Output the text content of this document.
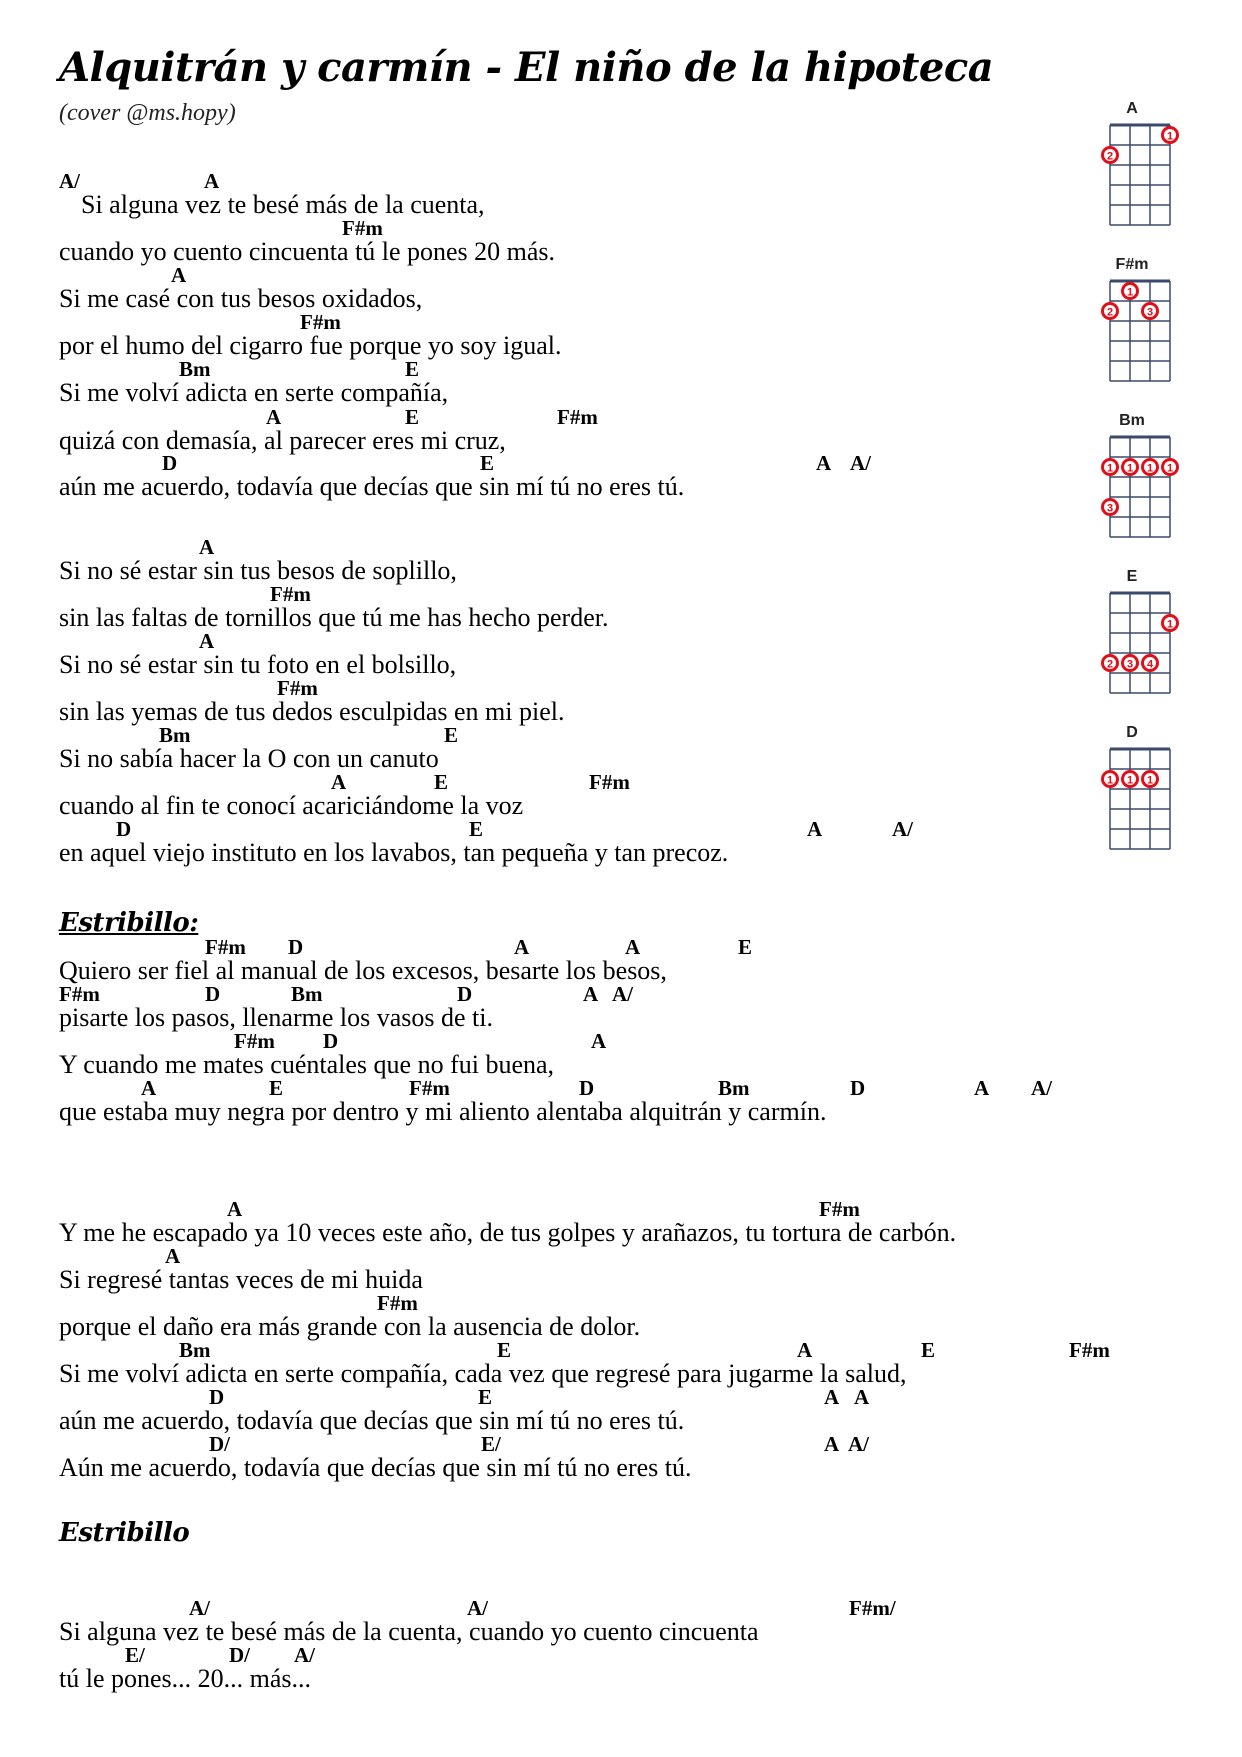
Alquitrán y carmín - El niño de la hipoteca
(cover @ms.hopy)
Si alguna vez te besé más de la cuenta,
A/	A
cuando yo cuento cincuenta tú le pones 20 más.
F#m
Si me casé con tus besos oxidados,
A
por el humo del cigarro fue porque yo soy igual.
F#m
Si me volví adicta en serte compañía,
Bm	E
quizá con demasía, al parecer eres mi cruz,
A	E	F#m
aún me acuerdo, todavía que decías que sin mí tú no eres tú.
D	E	A A/
Si no sé estar sin tus besos de soplillo,
A
sin las faltas de tornillos que tú me has hecho perder.
F#m
Si no sé estar sin tu foto en el bolsillo,
A
sin las yemas de tus dedos esculpidas en mi piel.
F#m
Si no sabía hacer la O con un canuto
Bm	E
cuando al fin te conocí acariciándome la voz
A	E	F#m
en aquel viejo instituto en los lavabos, tan pequeña y tan precoz.
D	E	A	A/
Estribillo:
Quiero ser fiel al manual de los excesos, besarte los besos,
F#m D	A	A	E
pisarte los pasos, llenarme los vasos de ti.
F#m	D	Bm	D	A A/
Y cuando me mates cuéntales que no fui buena,
F#m D	A
que estaba muy negra por dentro y mi aliento alentaba alquitrán y carmín.
A	E	F#m	D	Bm	D	A A/
Y me he escapado ya 10 veces este año, de tus golpes y arañazos, tu tortura de carbón.
A	F#m
Si regresé tantas veces de mi huida
A
porque el daño era más grande con la ausencia de dolor.
F#m
Si me volví adicta en serte compañía, cada vez que regresé para jugarme la salud,
Bm	E	A	E	F#m
aún me acuerdo, todavía que decías que sin mí tú no eres tú.
D	E	A A
Aún me acuerdo, todavía que decías que sin mí tú no eres tú.
D/	E/	A A/
Estribillo
Si alguna vez te besé más de la cuenta, cuando yo cuento cincuenta
A/	A/	F#m/
tú le pones... 20... más...
E/	D/ A/
A
1
2
F#m
1
2	3
Bm
1 1 1 1
3
E
1
2 3 4
D
1 1 1
